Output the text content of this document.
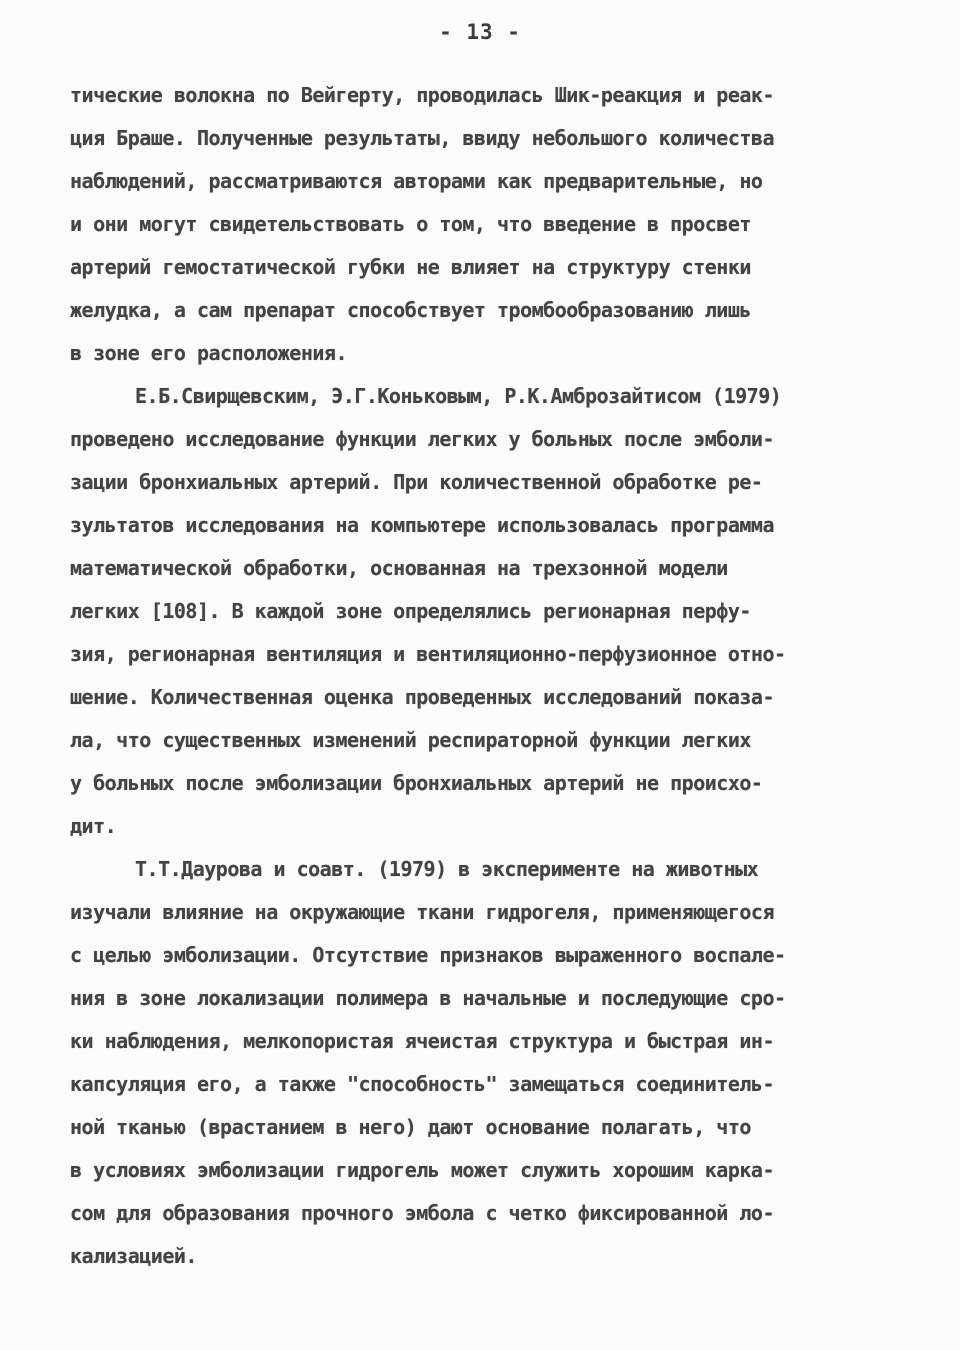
- 13 -
тические волокна по Вейгерту, проводилась Шик-реакция и реак-
ция Браше. Полученные результаты, ввиду небольшого количества
наблюдений, рассматриваются авторами как предварительные, но
и они могут свидетельствовать о том, что введение в просвет
артерий гемостатической губки не влияет на структуру стенки
желудка, а сам препарат способствует тромбообразованию лишь
в зоне его расположения.
Е.Б.Свирщевским, Э.Г.Коньковым, Р.К.Амброзайтисом (1979)
проведено исследование функции легких у больных после эмболи-
зации бронхиальных артерий. При количественной обработке ре-
зультатов исследования на компьютере использовалась программа
математической обработки, основанная на трехзонной модели
легких [108]. В каждой зоне определялись регионарная перфу-
зия, регионарная вентиляция и вентиляционно-перфузионное отно-
шение. Количественная оценка проведенных исследований показа-
ла, что существенных изменений респираторной функции легких
у больных после эмболизации бронхиальных артерий не происхо-
дит.
Т.Т.Даурова и соавт. (1979) в эксперименте на животных
изучали влияние на окружающие ткани гидрогеля, применяющегося
с целью эмболизации. Отсутствие признаков выраженного воспале-
ния в зоне локализации полимера в начальные и последующие сро-
ки наблюдения, мелкопористая ячеистая структура и быстрая ин-
капсуляция его, а также "способность" замещаться соединитель-
ной тканью (врастанием в него) дают основание полагать, что
в условиях эмболизации гидрогель может служить хорошим карка-
сом для образования прочного эмбола с четко фиксированной ло-
кализацией.
